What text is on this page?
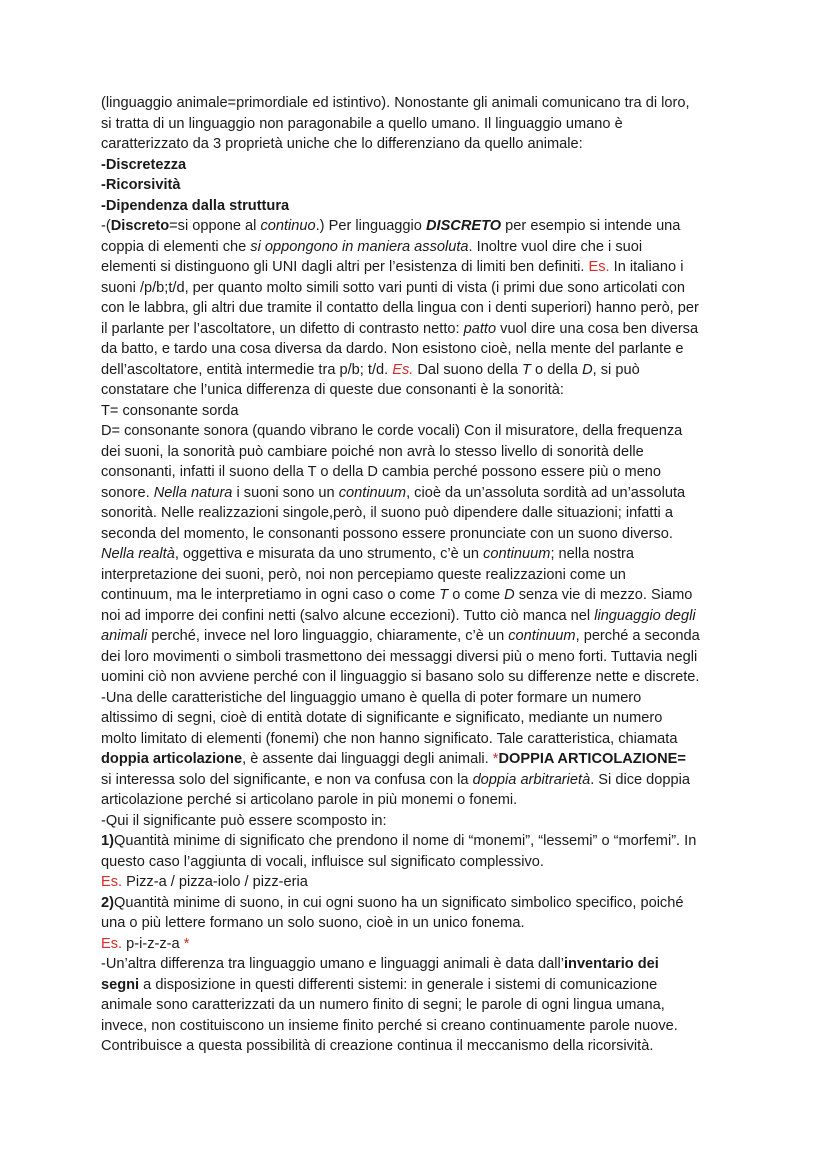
(linguaggio animale=primordiale ed istintivo). Nonostante gli animali comunicano tra di loro,
si tratta di un linguaggio non paragonabile a quello umano. Il linguaggio umano è
caratterizzato da 3 proprietà uniche che lo differenziano da quello animale:
-Discretezza
-Ricorsività
-Dipendenza dalla struttura
-(Discreto=si oppone al continuo.) Per linguaggio DISCRETO per esempio si intende una
coppia di elementi che si oppongono in maniera assoluta. Inoltre vuol dire che i suoi
elementi si distinguono gli UNI dagli altri per l’esistenza di limiti ben definiti. Es. In italiano i
suoni /p/b;t/d, per quanto molto simili sotto vari punti di vista (i primi due sono articolati con
con le labbra, gli altri due tramite il contatto della lingua con i denti superiori) hanno però, per
il parlante per l’ascoltatore, un difetto di contrasto netto: patto vuol dire una cosa ben diversa
da batto, e tardo una cosa diversa da dardo. Non esistono cioè, nella mente del parlante e
dell’ascoltatore, entità intermedie tra p/b; t/d. Es. Dal suono della T o della D, si può
constatare che l’unica differenza di queste due consonanti è la sonorità:
T= consonante sorda
D= consonante sonora (quando vibrano le corde vocali) Con il misuratore, della frequenza
dei suoni, la sonorità può cambiare poiché non avrà lo stesso livello di sonorità delle
consonanti, infatti il suono della T o della D cambia perché possono essere più o meno
sonore. Nella natura i suoni sono un continuum, cioè da un’assoluta sordità ad un’assoluta
sonorità. Nelle realizzazioni singole,però, il suono può dipendere dalle situazioni; infatti a
seconda del momento, le consonanti possono essere pronunciate con un suono diverso.
Nella realtà, oggettiva e misurata da uno strumento, c’è un continuum; nella nostra
interpretazione dei suoni, però, noi non percepiamo queste realizzazioni come un
continuum, ma le interpretiamo in ogni caso o come T o come D senza vie di mezzo. Siamo
noi ad imporre dei confini netti (salvo alcune eccezioni). Tutto ciò manca nel linguaggio degli
animali perché, invece nel loro linguaggio, chiaramente, c’è un continuum, perché a seconda
dei loro movimenti o simboli trasmettono dei messaggi diversi più o meno forti. Tuttavia negli
uomini ciò non avviene perché con il linguaggio si basano solo su differenze nette e discrete.
-Una delle caratteristiche del linguaggio umano è quella di poter formare un numero
altissimo di segni, cioè di entità dotate di significante e significato, mediante un numero
molto limitato di elementi (fonemi) che non hanno significato. Tale caratteristica, chiamata
doppia articolazione, è assente dai linguaggi degli animali. *DOPPIA ARTICOLAZIONE=
si interessa solo del significante, e non va confusa con la doppia arbitrarietà. Si dice doppia
articolazione perché si articolano parole in più monemi o fonemi.
-Qui il significante può essere scomposto in:
1)Quantità minime di significato che prendono il nome di “monemi”, “lessemi” o “morfemi”. In
questo caso l’aggiunta di vocali, influisce sul significato complessivo.
Es. Pizz-a / pizza-iolo / pizz-eria
2)Quantità minime di suono, in cui ogni suono ha un significato simbolico specifico, poiché
una o più lettere formano un solo suono, cioè in un unico fonema.
Es. p-i-z-z-a *
-Un’altra differenza tra linguaggio umano e linguaggi animali è data dall’inventario dei
segni a disposizione in questi differenti sistemi: in generale i sistemi di comunicazione
animale sono caratterizzati da un numero finito di segni; le parole di ogni lingua umana,
invece, non costituiscono un insieme finito perché si creano continuamente parole nuove.
Contribuisce a questa possibilità di creazione continua il meccanismo della ricorsività.
